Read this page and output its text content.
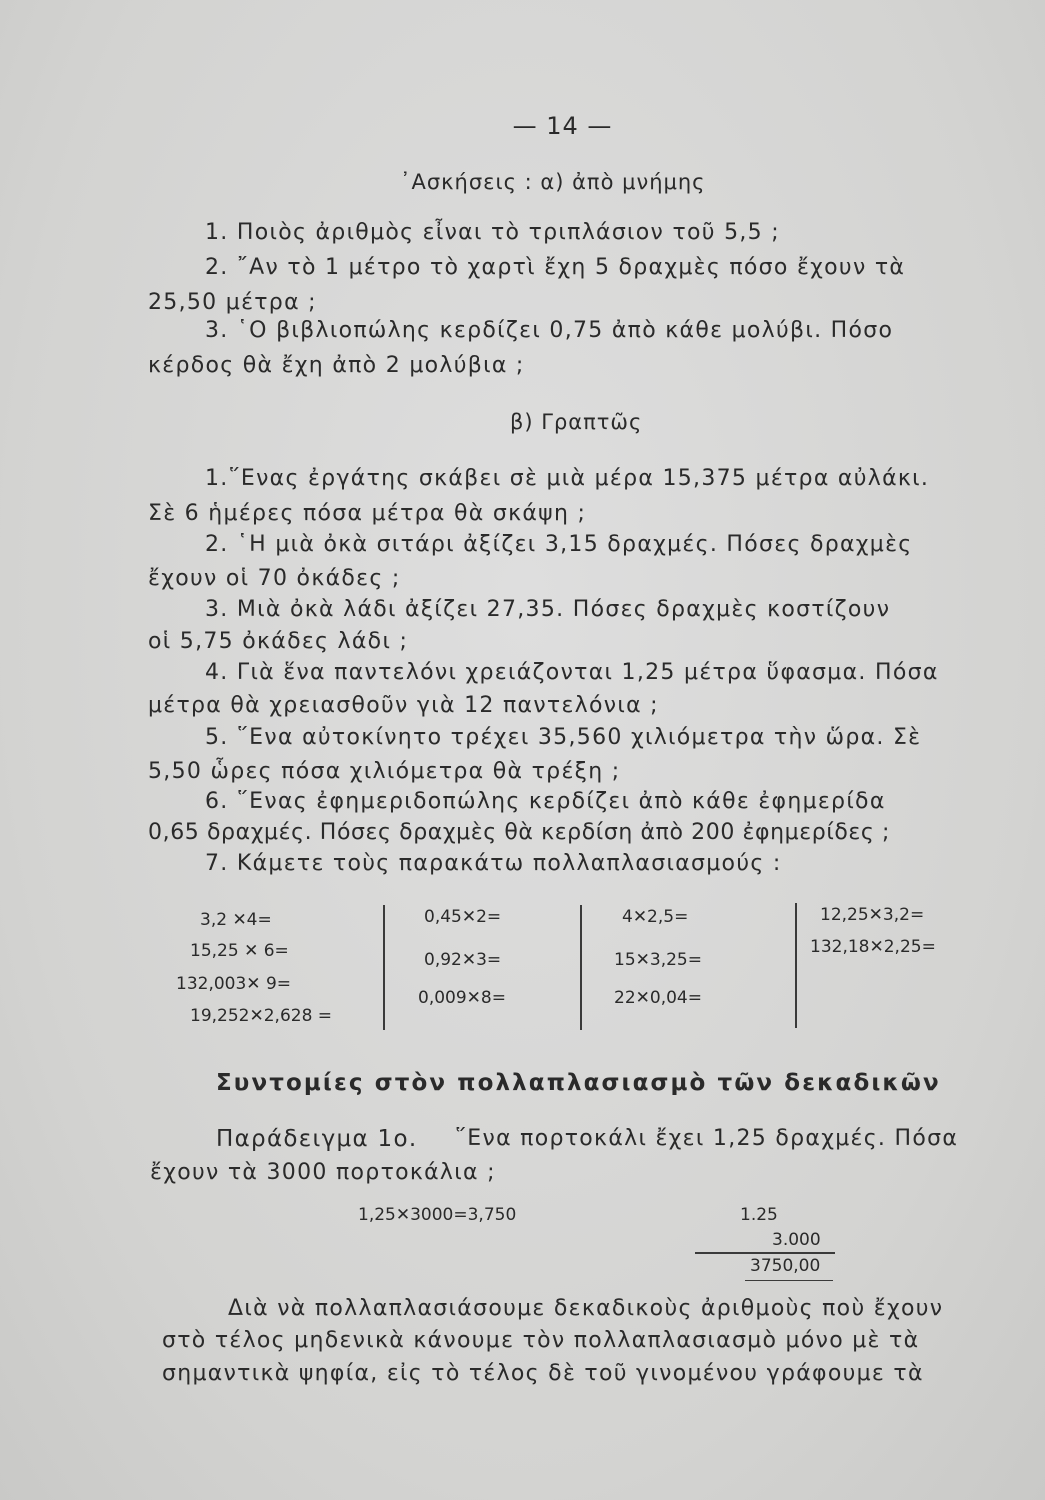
— 14 —
᾿Ασκήσεις : α) ἀπὸ μνήμης
1. Ποιὸς ἀριθμὸς εἶναι τὸ τριπλάσιον τοῦ 5,5 ;
2. ῎Αν τὸ 1 μέτρο τὸ χαρτὶ ἔχη 5 δραχμὲς πόσο ἔχουν τὰ
25,50 μέτρα ;
3. ῾Ο βιβλιοπώλης κερδίζει 0,75 ἀπὸ κάθε μολύβι. Πόσο
κέρδος θὰ ἔχη ἀπὸ 2 μολύβια ;
β) Γραπτῶς
1.῞Ενας ἐργάτης σκάβει σὲ μιὰ μέρα 15,375 μέτρα αὐλάκι.
Σὲ 6 ἡμέρες πόσα μέτρα θὰ σκάψη ;
2. ῾Η μιὰ ὀκὰ σιτάρι ἀξίζει 3,15 δραχμές. Πόσες δραχμὲς
ἔχουν οἱ 70 ὀκάδες ;
3. Μιὰ ὀκὰ λάδι ἀξίζει 27,35. Πόσες δραχμὲς κοστίζουν
οἱ 5,75 ὀκάδες λάδι ;
4. Γιὰ ἕνα παντελόνι χρειάζονται 1,25 μέτρα ὕφασμα. Πόσα
μέτρα θὰ χρειασθοῦν γιὰ 12 παντελόνια ;
5. ῞Ενα αὐτοκίνητο τρέχει 35,560 χιλιόμετρα τὴν ὥρα. Σὲ
5,50 ὧρες πόσα χιλιόμετρα θὰ τρέξη ;
6. ῞Ενας ἐφημεριδοπώλης κερδίζει ἀπὸ κάθε ἐφημερίδα
0,65 δραχμές. Πόσες δραχμὲς θὰ κερδίση ἀπὸ 200 ἐφημερίδες ;
7. Κάμετε τοὺς παρακάτω πολλαπλασιασμούς :
3,2 ✕4=
15,25 ✕ 6=
132,003✕ 9=
19,252✕2,628 =
0,45✕2=
0,92✕3=
0,009✕8=
4✕2,5=
15✕3,25=
22✕0,04=
12,25✕3,2=
132,18✕2,25=
Συντομίες στὸν πολλαπλασιασμὸ τῶν δεκαδικῶν
Παράδειγμα 1ο. ῞Ενα πορτοκάλι ἔχει 1,25 δραχμές. Πόσα
ἔχουν τὰ 3000 πορτοκάλια ;
1,25✕3000=3,750	1.25
3.000
3750,00
Διὰ νὰ πολλαπλασιάσουμε δεκαδικοὺς ἀριθμοὺς ποὺ ἔχουν
στὸ τέλος μηδενικὰ κάνουμε τὸν πολλαπλασιασμὸ μόνο μὲ τὰ
σημαντικὰ ψηφία, εἰς τὸ τέλος δὲ τοῦ γινομένου γράφουμε τὰ
